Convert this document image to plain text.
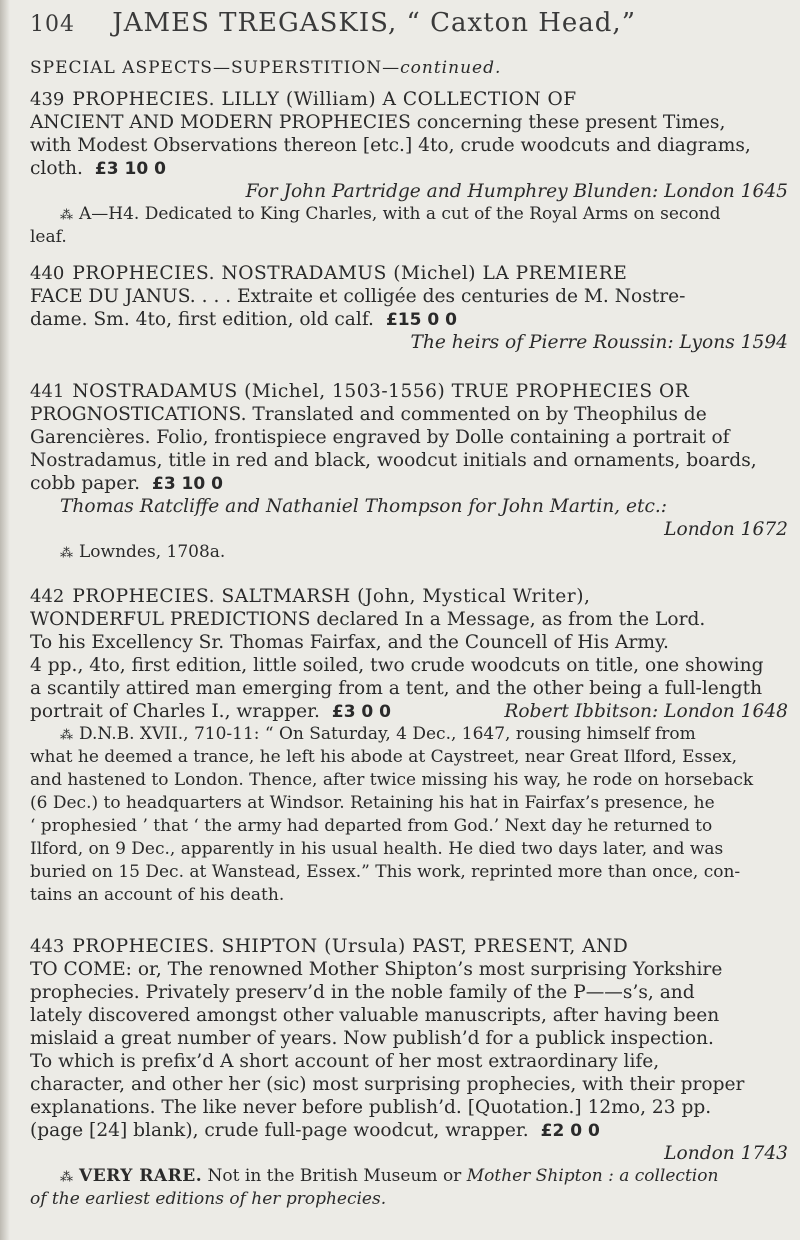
104 JAMES TREGASKIS, “ Caxton Head,”
SPECIAL ASPECTS—SUPERSTITION—continued.
439 PROPHECIES. LILLY (William) A COLLECTION OF
ANCIENT AND MODERN PROPHECIES concerning these present Times,
with Modest Observations thereon [etc.] 4to, crude woodcuts and diagrams,
cloth. £3 10 0
For John Partridge and Humphrey Blunden: London 1645
⁂ A—H4. Dedicated to King Charles, with a cut of the Royal Arms on second
leaf.
440 PROPHECIES. NOSTRADAMUS (Michel) LA PREMIERE
FACE DU JANUS. . . . Extraite et colligée des centuries de M. Nostre-
dame. Sm. 4to, first edition, old calf. £15 0 0
The heirs of Pierre Roussin: Lyons 1594
441 NOSTRADAMUS (Michel, 1503-1556) TRUE PROPHECIES OR
PROGNOSTICATIONS. Translated and commented on by Theophilus de
Garencières. Folio, frontispiece engraved by Dolle containing a portrait of
Nostradamus, title in red and black, woodcut initials and ornaments, boards,
cobb paper. £3 10 0
Thomas Ratcliffe and Nathaniel Thompson for John Martin, etc.:
London 1672
⁂ Lowndes, 1708a.
442 PROPHECIES. SALTMARSH (John, Mystical Writer),
WONDERFUL PREDICTIONS declared In a Message, as from the Lord.
To his Excellency Sr. Thomas Fairfax, and the Councell of His Army.
4 pp., 4to, first edition, little soiled, two crude woodcuts on title, one showing
a scantily attired man emerging from a tent, and the other being a full-length
portrait of Charles I., wrapper. £3 0 0	Robert Ibbitson: London 1648
⁂ D.N.B. XVII., 710-11: “ On Saturday, 4 Dec., 1647, rousing himself from
what he deemed a trance, he left his abode at Caystreet, near Great Ilford, Essex,
and hastened to London. Thence, after twice missing his way, he rode on horseback
(6 Dec.) to headquarters at Windsor. Retaining his hat in Fairfax’s presence, he
‘ prophesied ’ that ‘ the army had departed from God.’ Next day he returned to
Ilford, on 9 Dec., apparently in his usual health. He died two days later, and was
buried on 15 Dec. at Wanstead, Essex.” This work, reprinted more than once, con-
tains an account of his death.
443 PROPHECIES. SHIPTON (Ursula) PAST, PRESENT, AND
TO COME: or, The renowned Mother Shipton’s most surprising Yorkshire
prophecies. Privately preserv’d in the noble family of the P——s’s, and
lately discovered amongst other valuable manuscripts, after having been
mislaid a great number of years. Now publish’d for a publick inspection.
To which is prefix’d A short account of her most extraordinary life,
character, and other her (sic) most surprising prophecies, with their proper
explanations. The like never before publish’d. [Quotation.] 12mo, 23 pp.
(page [24] blank), crude full-page woodcut, wrapper. £2 0 0
London 1743
⁂ VERY RARE. Not in the British Museum or Mother Shipton : a collection
of the earliest editions of her prophecies.
